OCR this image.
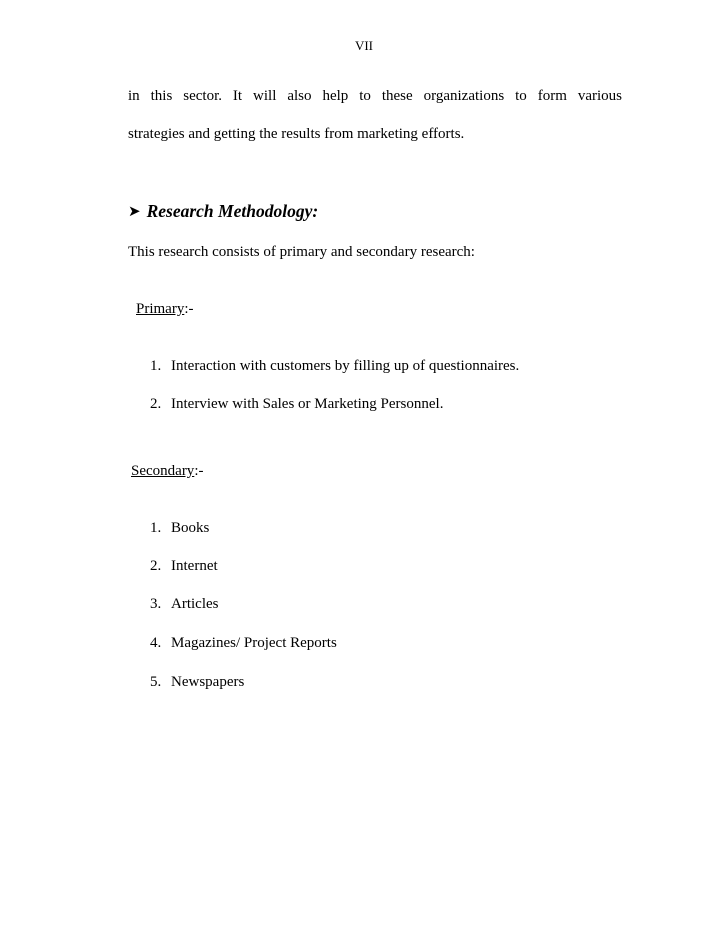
VII
in this sector. It will also help to these organizations to form various
strategies and getting the results from marketing efforts.
➤ Research Methodology:
This research consists of primary and secondary research:
Primary:-
1. Interaction with customers by filling up of questionnaires.
2. Interview with Sales or Marketing Personnel.
Secondary:-
1. Books
2. Internet
3. Articles
4. Magazines/ Project Reports
5. Newspapers
